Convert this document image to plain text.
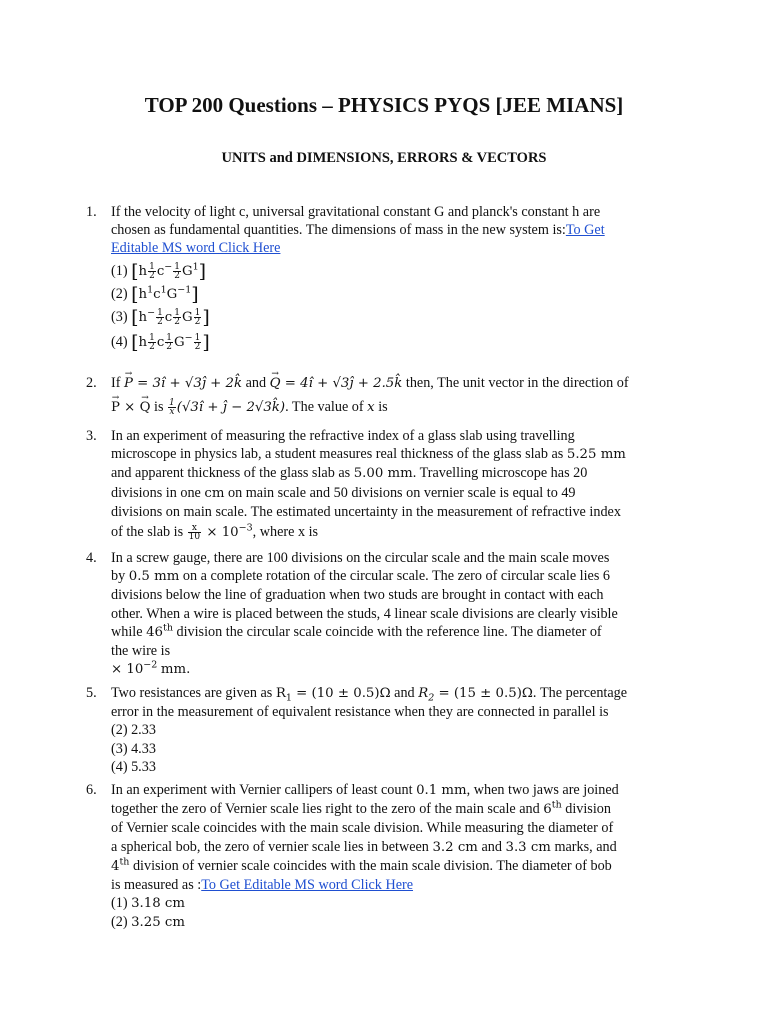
TOP 200 Questions – PHYSICS PYQS [JEE MIANS]
UNITS and DIMENSIONS, ERRORS & VECTORS
1. If the velocity of light c, universal gravitational constant G and planck's constant h are
chosen as fundamental quantities. The dimensions of mass in the new system is:To Get
Editable MS word Click Here
(1) $[h \frac{1}{2} c^- \frac{1}{2} G^1]$
(2) $[h^1c^1G^{-1}]$
(3) [$h^- \frac{1}{2}$ c $\frac{1}{2}$ G $\frac{1}{2}$ ]
(4) [$h \frac{1}{2}$ c $\frac{1}{2} G^- \frac{1}{2}$ ]
2. If → P = 3î + √3ĵ + 2k̂ and → Q = 4î + √3ĵ + 2.5k̂ then, The unit vector in the direction of
→ P × → Q is $\frac{1}{x}$ (√3î + ĵ − 2√3k̂). The value of x is
3. In an experiment of measuring the refractive index of a glass slab using travelling
microscope in physics lab, a student measures real thickness of the glass slab as 5.25 mm
and apparent thickness of the glass slab as 5.00 mm. Travelling microscope has 20
divisions in one cm on main scale and 50 divisions on vernier scale is equal to 49
divisions on main scale. The estimated uncertainty in the measurement of refractive index
of the slab is $\frac{x}{10} \times 10^{-3}$, where x is
4. In a screw gauge, there are 100 divisions on the circular scale and the main scale moves
by 0.5 mm on a complete rotation of the circular scale. The zero of circular scale lies 6
divisions below the line of graduation when two studs are brought in contact with each
other. When a wire is placed between the studs, 4 linear scale divisions are clearly visible
while 46th division the circular scale coincide with the reference line. The diameter of
the wire is
× $10^{-2}$ mm.
5. Two resistances are given as $R_1 = (10 \pm 0.5)\Omega$ and $R_2 = (15 \pm 0.5)\Omega$. The percentage
error in the measurement of equivalent resistance when they are connected in parallel is
(2) 2.33
(3) 4.33
(4) 5.33
6. In an experiment with Vernier callipers of least count 0.1 mm, when two jaws are joined
together the zero of Vernier scale lies right to the zero of the main scale and 6th division
of Vernier scale coincides with the main scale division. While measuring the diameter of
a spherical bob, the zero of vernier scale lies in between 3.2 cm and 3.3 cm marks, and
4th division of vernier scale coincides with the main scale division. The diameter of bob
is measured as :To Get Editable MS word Click Here
(1) 3.18 cm
(2) 3.25 cm
